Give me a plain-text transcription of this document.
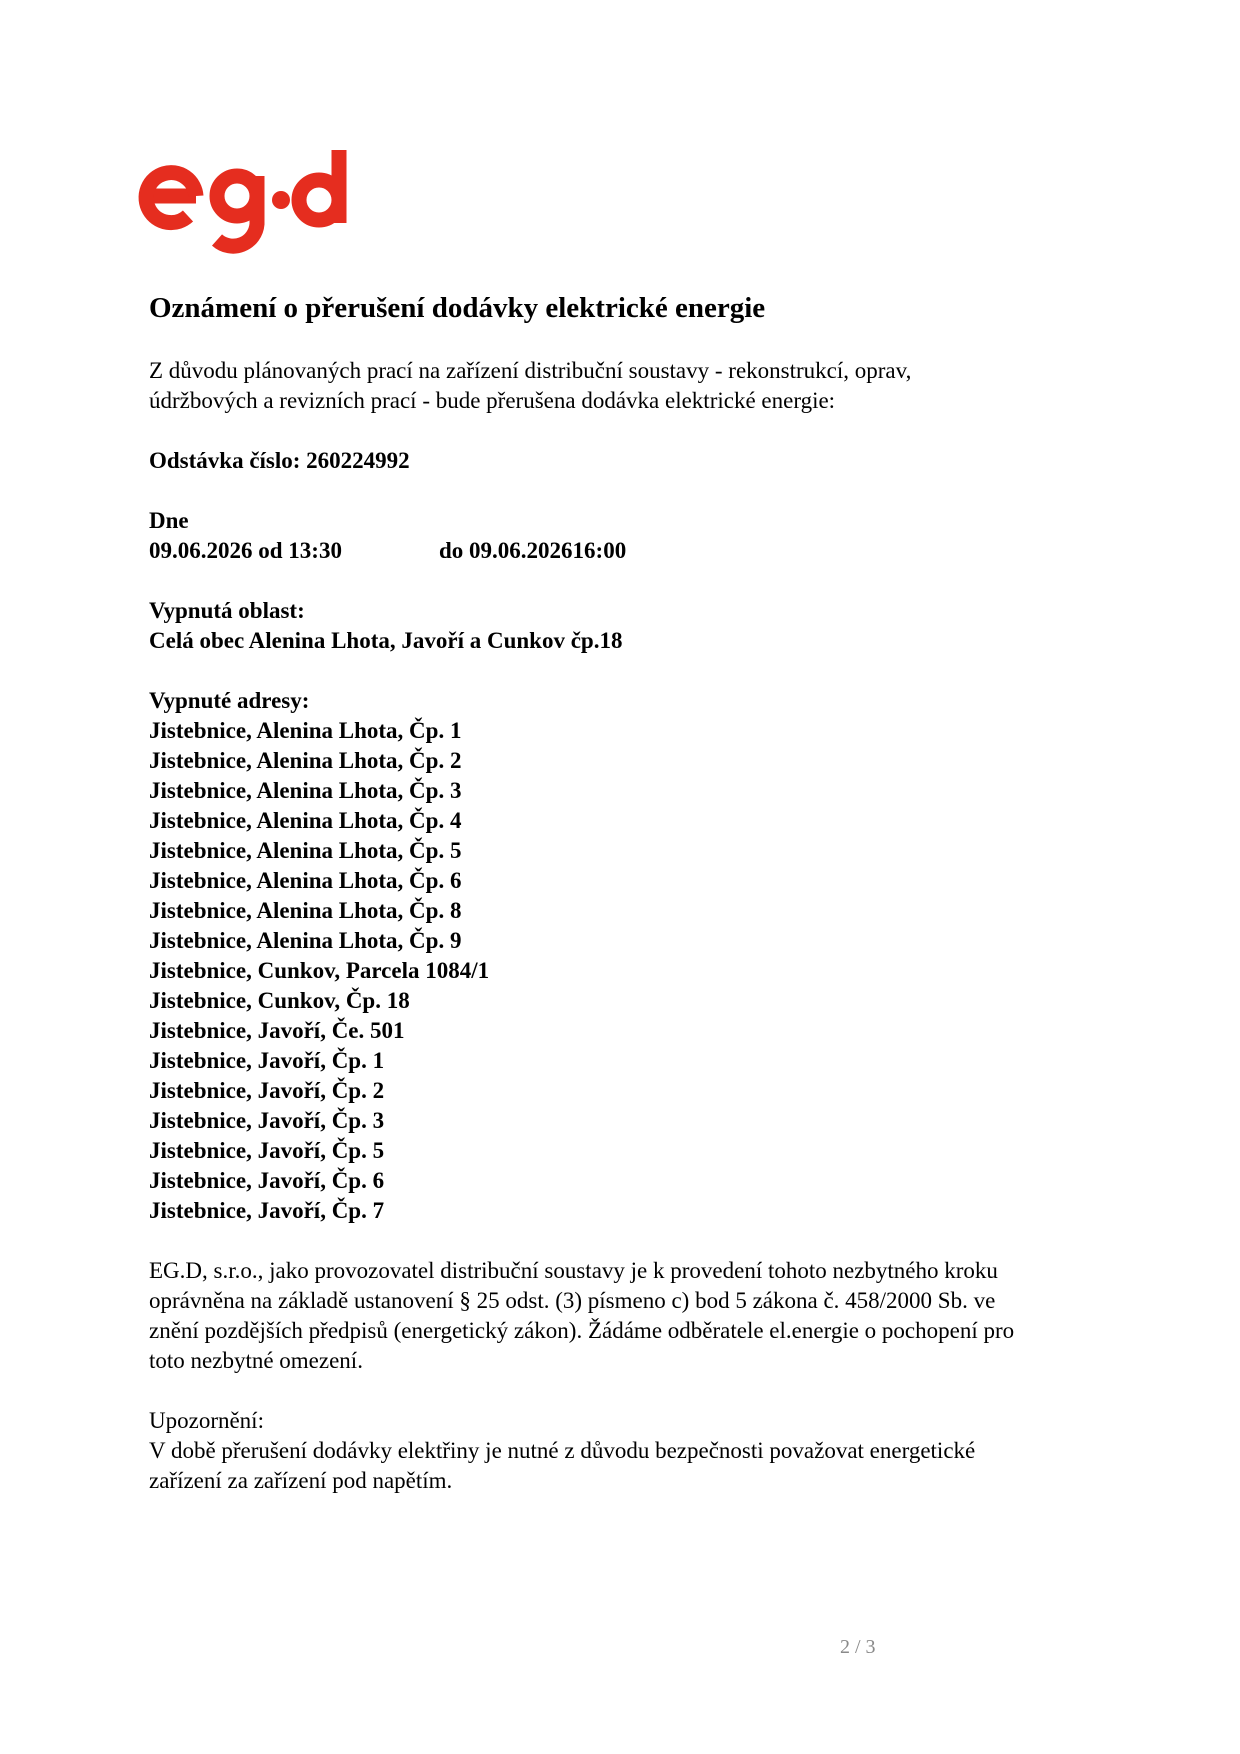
Oznámení o přerušení dodávky elektrické energie

Z důvodu plánovaných prací na zařízení distribuční soustavy - rekonstrukcí, oprav,

údržbových a revizních prací - bude přerušena dodávka elektrické energie:

Odstávka číslo: 260224992

Dne

09.06.2026 od 13:30	do 09.06.202616:00

Vypnutá oblast:

Celá obec Alenina Lhota, Javoří a Cunkov čp.18

Vypnuté adresy:

Jistebnice, Alenina Lhota, Čp. 1
Jistebnice, Alenina Lhota, Čp. 2
Jistebnice, Alenina Lhota, Čp. 3
Jistebnice, Alenina Lhota, Čp. 4
Jistebnice, Alenina Lhota, Čp. 5
Jistebnice, Alenina Lhota, Čp. 6
Jistebnice, Alenina Lhota, Čp. 8
Jistebnice, Alenina Lhota, Čp. 9
Jistebnice, Cunkov, Parcela 1084/1
Jistebnice, Cunkov, Čp. 18
Jistebnice, Javoří, Če. 501
Jistebnice, Javoří, Čp. 1
Jistebnice, Javoří, Čp. 2
Jistebnice, Javoří, Čp. 3
Jistebnice, Javoří, Čp. 5
Jistebnice, Javoří, Čp. 6
Jistebnice, Javoří, Čp. 7

EG.D, s.r.o., jako provozovatel distribuční soustavy je k provedení tohoto nezbytného kroku

oprávněna na základě ustanovení § 25 odst. (3) písmeno c) bod 5 zákona č. 458/2000 Sb. ve

znění pozdějších předpisů (energetický zákon). Žádáme odběratele el.energie o pochopení pro

toto nezbytné omezení.

Upozornění:

V době přerušení dodávky elektřiny je nutné z důvodu bezpečnosti považovat energetické

zařízení za zařízení pod napětím.

2 / 3
